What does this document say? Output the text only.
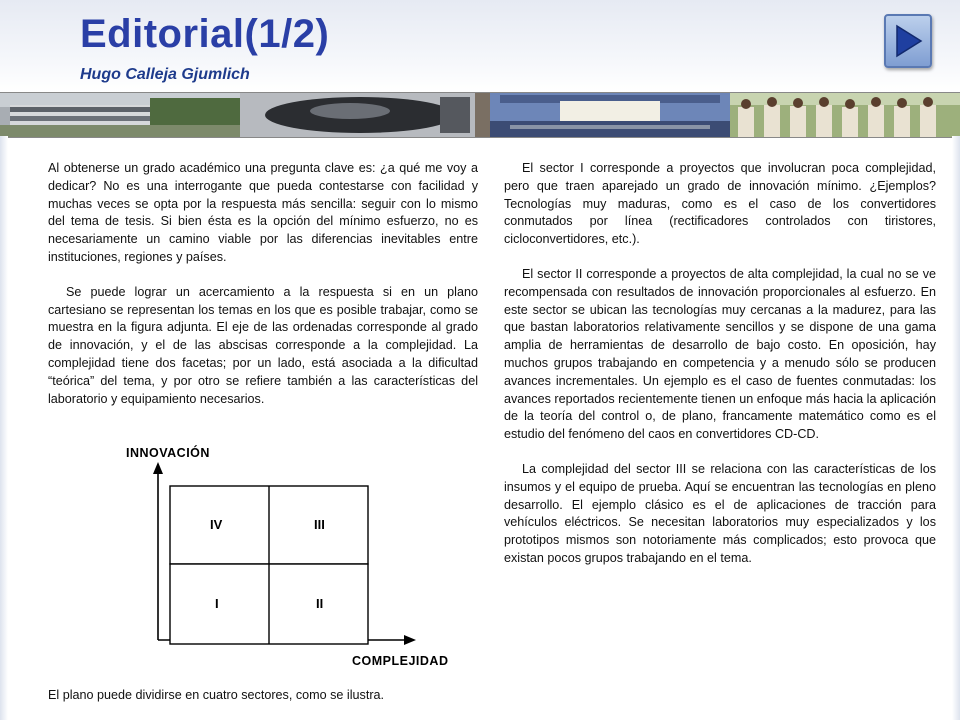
Editorial(1/2)
Hugo Calleja Gjumlich

Al obtenerse un grado académico una pregunta clave es: ¿a qué me voy a dedicar? No es una interrogante que pueda contestarse con facilidad y muchas veces se opta por la respuesta más sencilla: seguir con lo mismo del tema de tesis. Si bien ésta es la opción del mínimo esfuerzo, no es necesariamente un camino viable por las diferencias inevitables entre instituciones, regiones y países.

Se puede lograr un acercamiento a la respuesta si en un plano cartesiano se representan los temas en los que es posible trabajar, como se muestra en la figura adjunta. El eje de las ordenadas corresponde al grado de innovación, y el de las abscisas corresponde a la complejidad. La complejidad tiene dos facetas; por un lado, está asociada a la dificultad “teórica” del tema, y por otro se refiere también a las características del laboratorio y equipamiento necesarios.

INNOVACIÓN
IV	III
I	II
COMPLEJIDAD
El plano puede dividirse en cuatro sectores, como se ilustra.

El sector I corresponde a proyectos que involucran poca complejidad, pero que traen aparejado un grado de innovación mínimo. ¿Ejemplos? Tecnologías muy maduras, como es el caso de los convertidores conmutados por línea (rectificadores controlados con tiristores, cicloconvertidores, etc.).

El sector II corresponde a proyectos de alta complejidad, la cual no se ve recompensada con resultados de innovación proporcionales al esfuerzo. En este sector se ubican las tecnologías muy cercanas a la madurez, para las que bastan laboratorios relativamente sencillos y se dispone de una gama amplia de herramientas de desarrollo de bajo costo. En oposición, hay muchos grupos trabajando en competencia y a menudo sólo se producen avances incrementales. Un ejemplo es el caso de fuentes conmutadas: los avances reportados recientemente tienen un enfoque más hacia la aplicación de la teoría del control o, de plano, francamente matemático como es el estudio del fenómeno del caos en convertidores CD-CD.

La complejidad del sector III se relaciona con las características de los insumos y el equipo de prueba. Aquí se encuentran las tecnologías en pleno desarrollo. El ejemplo clásico es el de aplicaciones de tracción para vehículos eléctricos. Se necesitan laboratorios muy especializados y los prototipos mismos son notoriamente más complicados; esto provoca que existan pocos grupos trabajando en el tema.
